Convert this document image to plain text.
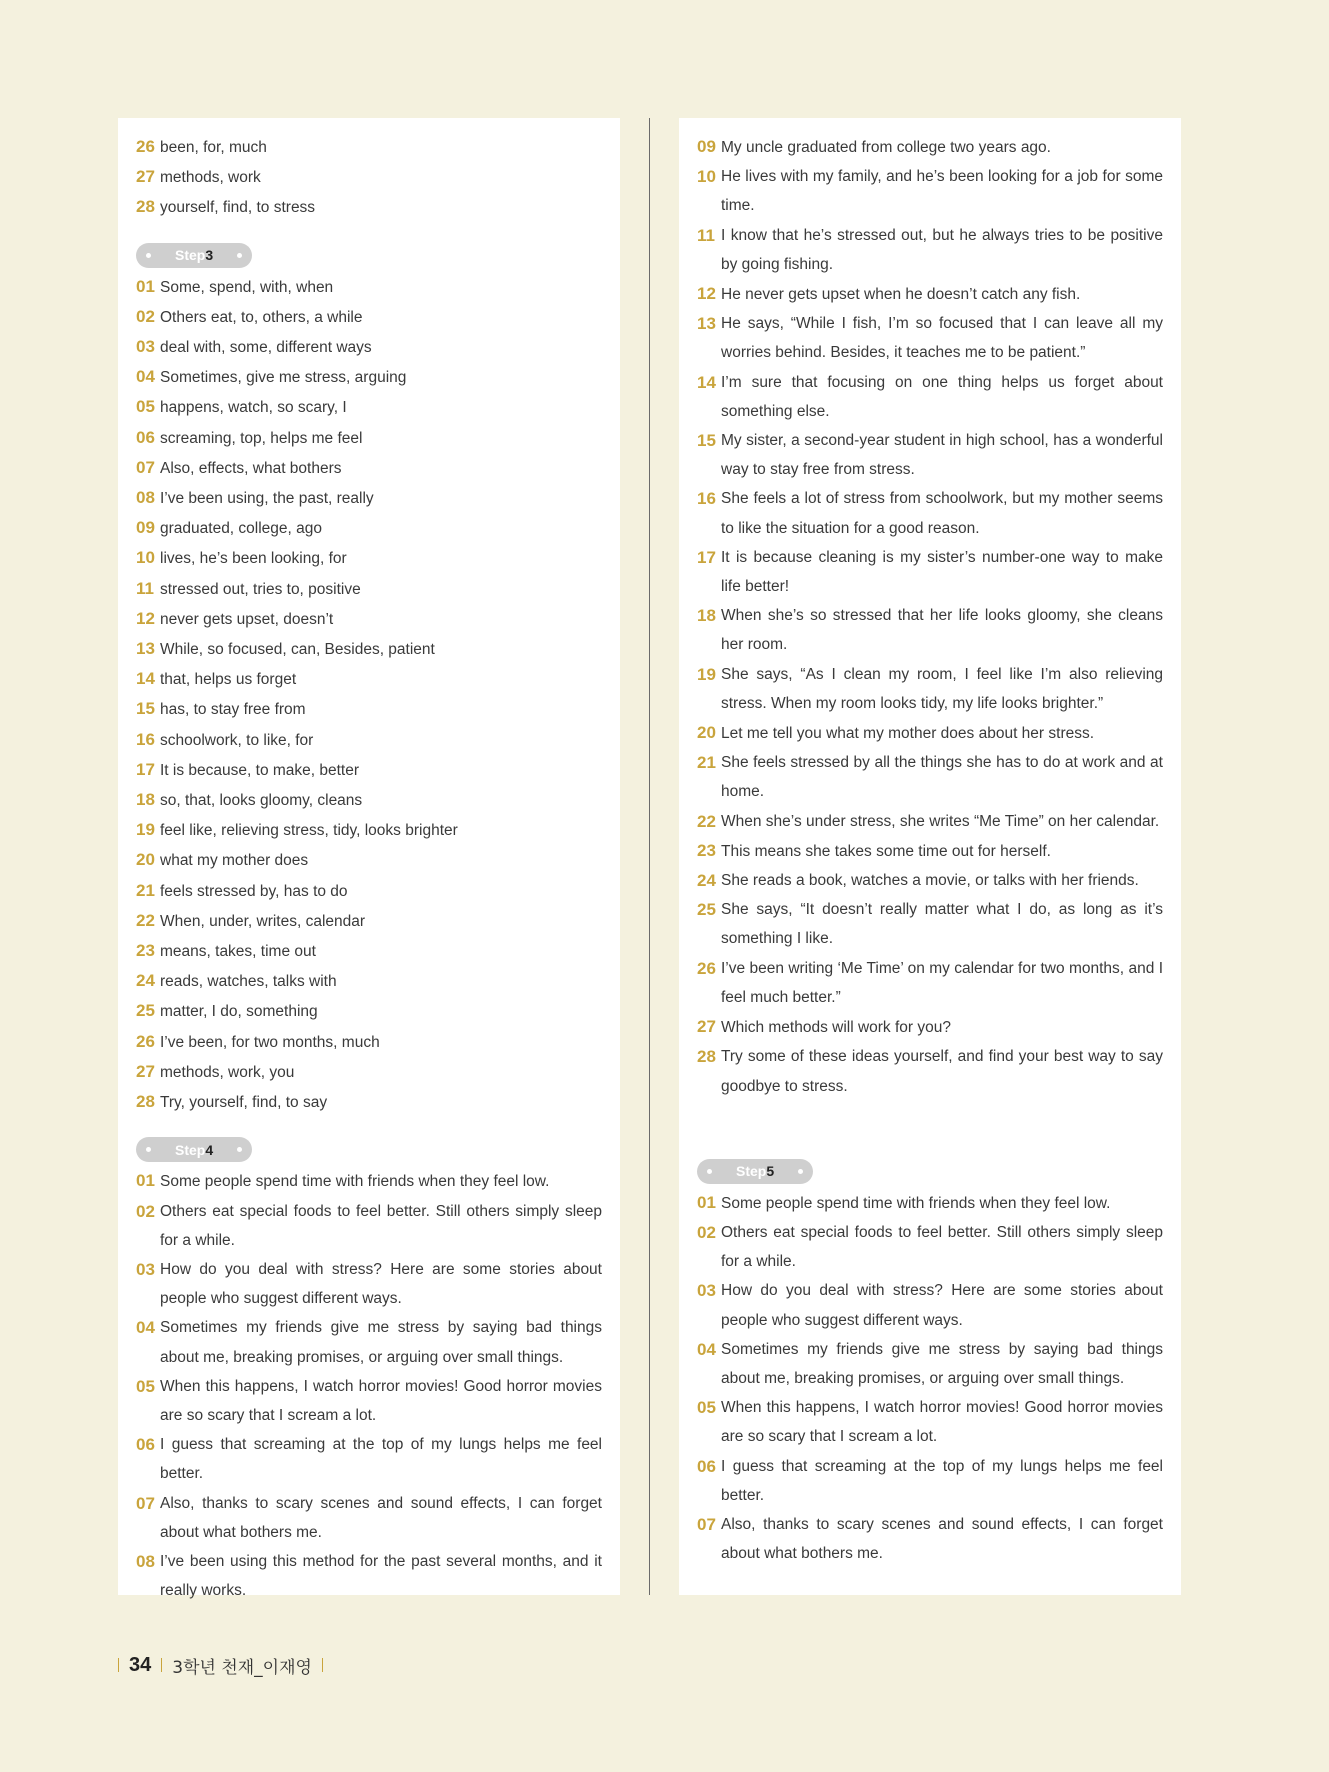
26 been, for, much
27 methods, work
28 yourself, find, to stress
Step 3
01 Some, spend, with, when
02 Others eat, to, others, a while
03 deal with, some, different ways
04 Sometimes, give me stress, arguing
05 happens, watch, so scary, I
06 screaming, top, helps me feel
07 Also, effects, what bothers
08 I’ve been using, the past, really
09 graduated, college, ago
10 lives, he’s been looking, for
11 stressed out, tries to, positive
12 never gets upset, doesn’t
13 While, so focused, can, Besides, patient
14 that, helps us forget
15 has, to stay free from
16 schoolwork, to like, for
17 It is because, to make, better
18 so, that, looks gloomy, cleans
19 feel like, relieving stress, tidy, looks brighter
20 what my mother does
21 feels stressed by, has to do
22 When, under, writes, calendar
23 means, takes, time out
24 reads, watches, talks with
25 matter, I do, something
26 I’ve been, for two months, much
27 methods, work, you
28 Try, yourself, find, to say
Step 4
01 Some people spend time with friends when they feel low.
02 Others eat special foods to feel better. Still others simply sleep for a while.
03 How do you deal with stress? Here are some stories about people who suggest different ways.
04 Sometimes my friends give me stress by saying bad things about me, breaking promises, or arguing over small things.
05 When this happens, I watch horror movies! Good horror movies are so scary that I scream a lot.
06 I guess that screaming at the top of my lungs helps me feel better.
07 Also, thanks to scary scenes and sound effects, I can forget about what bothers me.
08 I’ve been using this method for the past several months, and it really works.
09 My uncle graduated from college two years ago.
10 He lives with my family, and he’s been looking for a job for some time.
11 I know that he’s stressed out, but he always tries to be positive by going fishing.
12 He never gets upset when he doesn’t catch any fish.
13 He says, “While I fish, I’m so focused that I can leave all my worries behind. Besides, it teaches me to be patient.”
14 I’m sure that focusing on one thing helps us forget about something else.
15 My sister, a second-year student in high school, has a wonderful way to stay free from stress.
16 She feels a lot of stress from schoolwork, but my mother seems to like the situation for a good reason.
17 It is because cleaning is my sister’s number-one way to make life better!
18 When she’s so stressed that her life looks gloomy, she cleans her room.
19 She says, “As I clean my room, I feel like I’m also relieving stress. When my room looks tidy, my life looks brighter.”
20 Let me tell you what my mother does about her stress.
21 She feels stressed by all the things she has to do at work and at home.
22 When she’s under stress, she writes “Me Time” on her calendar.
23 This means she takes some time out for herself.
24 She reads a book, watches a movie, or talks with her friends.
25 She says, “It doesn’t really matter what I do, as long as it’s something I like.
26 I’ve been writing ‘Me Time’ on my calendar for two months, and I feel much better.”
27 Which methods will work for you?
28 Try some of these ideas yourself, and find your best way to say goodbye to stress.
Step 5
01 Some people spend time with friends when they feel low.
02 Others eat special foods to feel better. Still others simply sleep for a while.
03 How do you deal with stress? Here are some stories about people who suggest different ways.
04 Sometimes my friends give me stress by saying bad things about me, breaking promises, or arguing over small things.
05 When this happens, I watch horror movies! Good horror movies are so scary that I scream a lot.
06 I guess that screaming at the top of my lungs helps me feel better.
07 Also, thanks to scary scenes and sound effects, I can forget about what bothers me.
34 3학년 천재_이재영
